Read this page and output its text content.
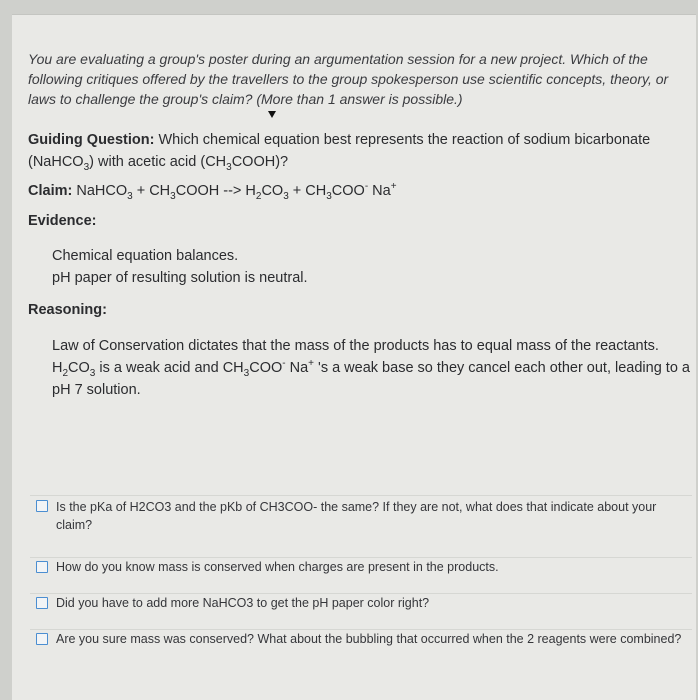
You are evaluating a group's poster during an argumentation session for a new project. Which of the following critiques offered by the travellers to the group spokesperson use scientific concepts, theory, or laws to challenge the group's claim? (More than 1 answer is possible.)
Guiding Question: Which chemical equation best represents the reaction of sodium bicarbonate (NaHCO$_3$) with acetic acid $(CH_3COOH)$?
Claim: NaHCO$_3$ + $CH_3COOH$ --> $H_2CO_3 + CH_3COO^-$ Na+
Evidence:
Chemical equation balances.
pH paper of resulting solution is neutral.
Reasoning:
Law of Conservation dictates that the mass of the products has to equal mass of the reactants.
$H_2CO_3$ is a weak acid and $CH_3COO^-$ Na+ 's a weak base so they cancel each other out, leading to a pH 7 solution.
Is the pKa of H2CO3 and the pKb of CH3COO- the same? If they are not, what does that indicate about your claim?
How do you know mass is conserved when charges are present in the products.
Did you have to add more NaHCO3 to get the pH paper color right?
Are you sure mass was conserved? What about the bubbling that occurred when the 2 reagents were combined?
